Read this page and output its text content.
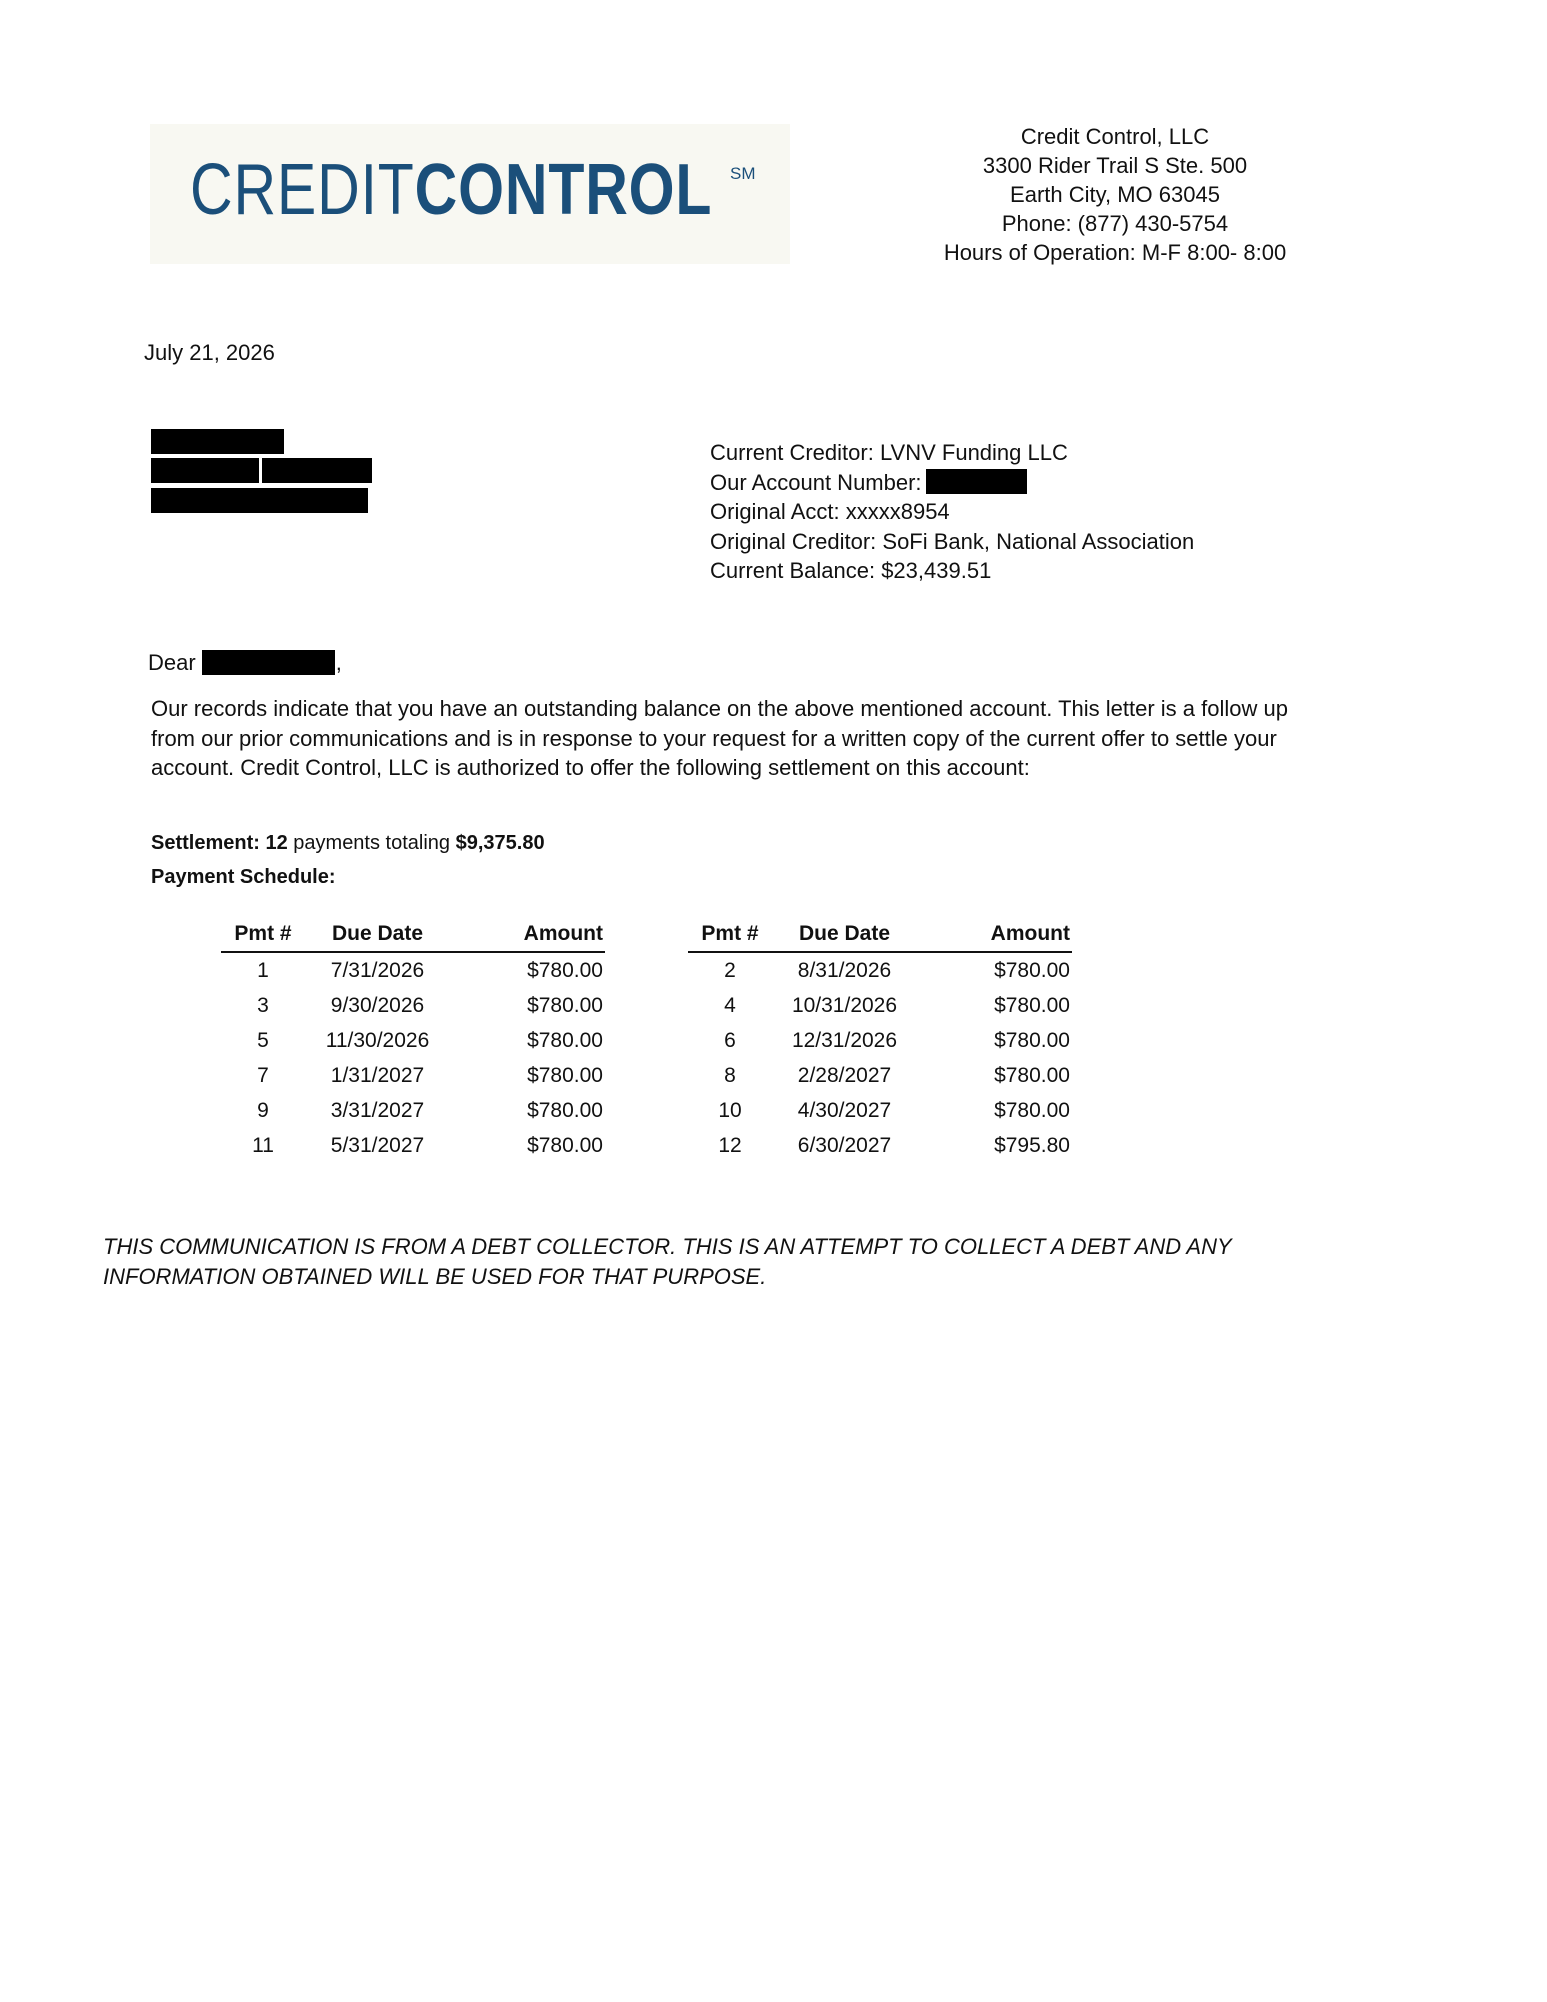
CREDITCONTROL SM
Credit Control, LLC
3300 Rider Trail S Ste. 500
Earth City, MO 63045
Phone: (877) 430-5754
Hours of Operation: M-F 8:00- 8:00
July 21, 2026
Current Creditor: LVNV Funding LLC
Our Account Number:
Original Acct: xxxxx8954
Original Creditor: SoFi Bank, National Association
Current Balance: $23,439.51
Dear	,
Our records indicate that you have an outstanding balance on the above mentioned account. This letter is a follow up from our prior communications and is in response to your request for a written copy of the current offer to settle your account. Credit Control, LLC is authorized to offer the following settlement on this account:
Settlement: 12 payments totaling $9,375.80
Payment Schedule:
Pmt #	Due Date	Amount
1	7/31/2026	$780.00
3	9/30/2026	$780.00
5	11/30/2026	$780.00
7	1/31/2027	$780.00
9	3/31/2027	$780.00
11	5/31/2027	$780.00
Pmt #	Due Date	Amount
2	8/31/2026	$780.00
4	10/31/2026	$780.00
6	12/31/2026	$780.00
8	2/28/2027	$780.00
10	4/30/2027	$780.00
12	6/30/2027	$795.80
THIS COMMUNICATION IS FROM A DEBT COLLECTOR. THIS IS AN ATTEMPT TO COLLECT A DEBT AND ANY INFORMATION OBTAINED WILL BE USED FOR THAT PURPOSE.
